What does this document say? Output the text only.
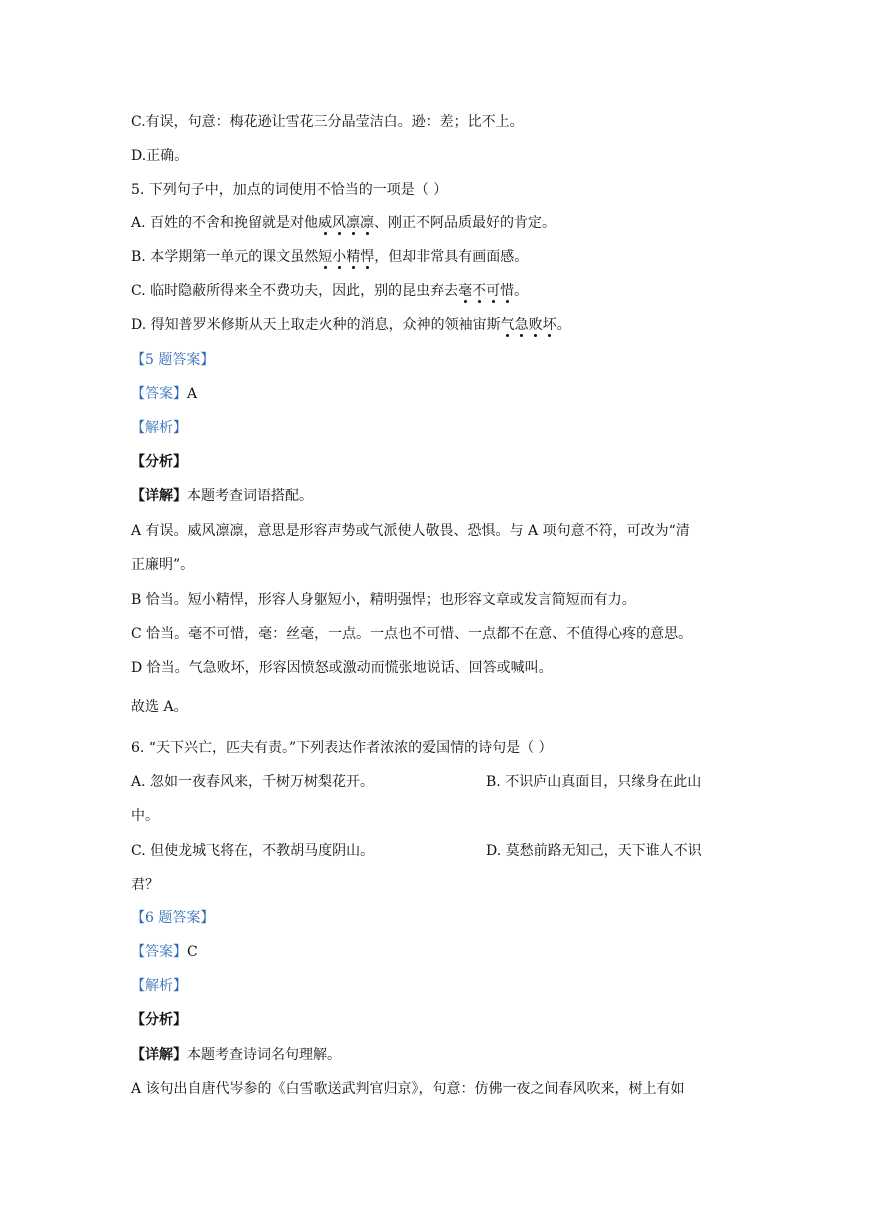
C.有误，句意：梅花逊让雪花三分晶莹洁白。逊：差；比不上。
D.正确。
5. 下列句子中，加点的词使用不恰当的一项是（ ）
A. 百姓的不舍和挽留就是对他威风凛凛
、刚正不阿品质最好的肯定。
B. 本学期第一单元的课文虽然短小精悍
，但却非常具有画面感。
C. 临时隐蔽所得来全不费功夫，因此，别的昆虫弃去毫不可惜
。
D. 得知普罗米修斯从天上取走火种的消息，众神的领袖宙斯气急败坏
。
【5 题答案】
【答案】A
【解析】
【分析】
【详解】本题考查词语搭配。
A 有误。威风凛凛，意思是形容声势或气派使人敬畏、恐惧。与 A 项句意不符，可改为“清
正廉明”。
B 恰当。短小精悍，形容人身躯短小，精明强悍；也形容文章或发言简短而有力。
C 恰当。毫不可惜，毫：丝毫，一点。一点也不可惜、一点都不在意、不值得心疼的意思。
D 恰当。气急败坏，形容因愤怒或激动而慌张地说话、回答或喊叫。
故选 A。
6. “天下兴亡，匹夫有责。”下列表达作者浓浓的爱国情的诗句是（ ）
A. 忽如一夜春风来，千树万树梨花开。	B. 不识庐山真面目，只缘身在此山
中。
C. 但使龙城飞将在，不教胡马度阴山。	D. 莫愁前路无知己，天下谁人不识
君？
【6 题答案】
【答案】C
【解析】
【分析】
【详解】本题考查诗词名句理解。
A 该句出自唐代岑参的《白雪歌送武判官归京》，句意：仿佛一夜之间春风吹来，树上有如
